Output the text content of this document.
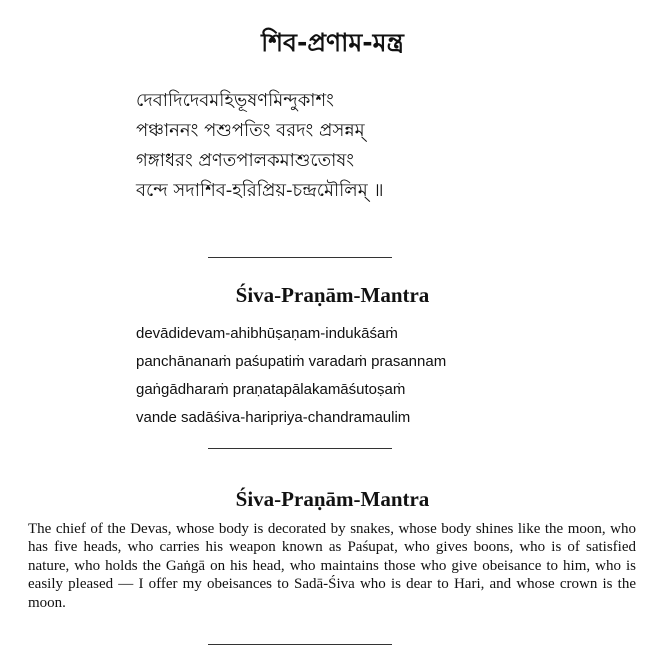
শিব-প্রণাম-মন্ত্র
দেবাদিদেবমহিভূষণমিন্দুকাশং
পঞ্চাননং পশুপতিং বরদং প্রসন্নম্
গঙ্গাধরং প্রণতপালকমাশুতোষং
বন্দে সদাশিব-হরিপ্রিয়-চন্দ্রমৌলিম্ ॥
Śiva-Praṇām-Mantra
devādidevam-ahibhūṣaṇam-indukāśaṁ
panchānanaṁ paśupatiṁ varadaṁ prasannam
gaṅgādharaṁ praṇatapālakamāśutoṣaṁ
vande sadāśiva-haripriya-chandramaulim
Śiva-Praṇām-Mantra

The chief of the Devas, whose body is decorated by snakes, whose body shines like the moon, who has five heads, who carries his weapon known as Paśupat, who gives boons, who is of satisfied nature, who holds the Gaṅgā on his head, who maintains those who give obeisance to him, who is easily pleased — I offer my obeisances to Sadā-Śiva who is dear to Hari, and whose crown is the moon.
